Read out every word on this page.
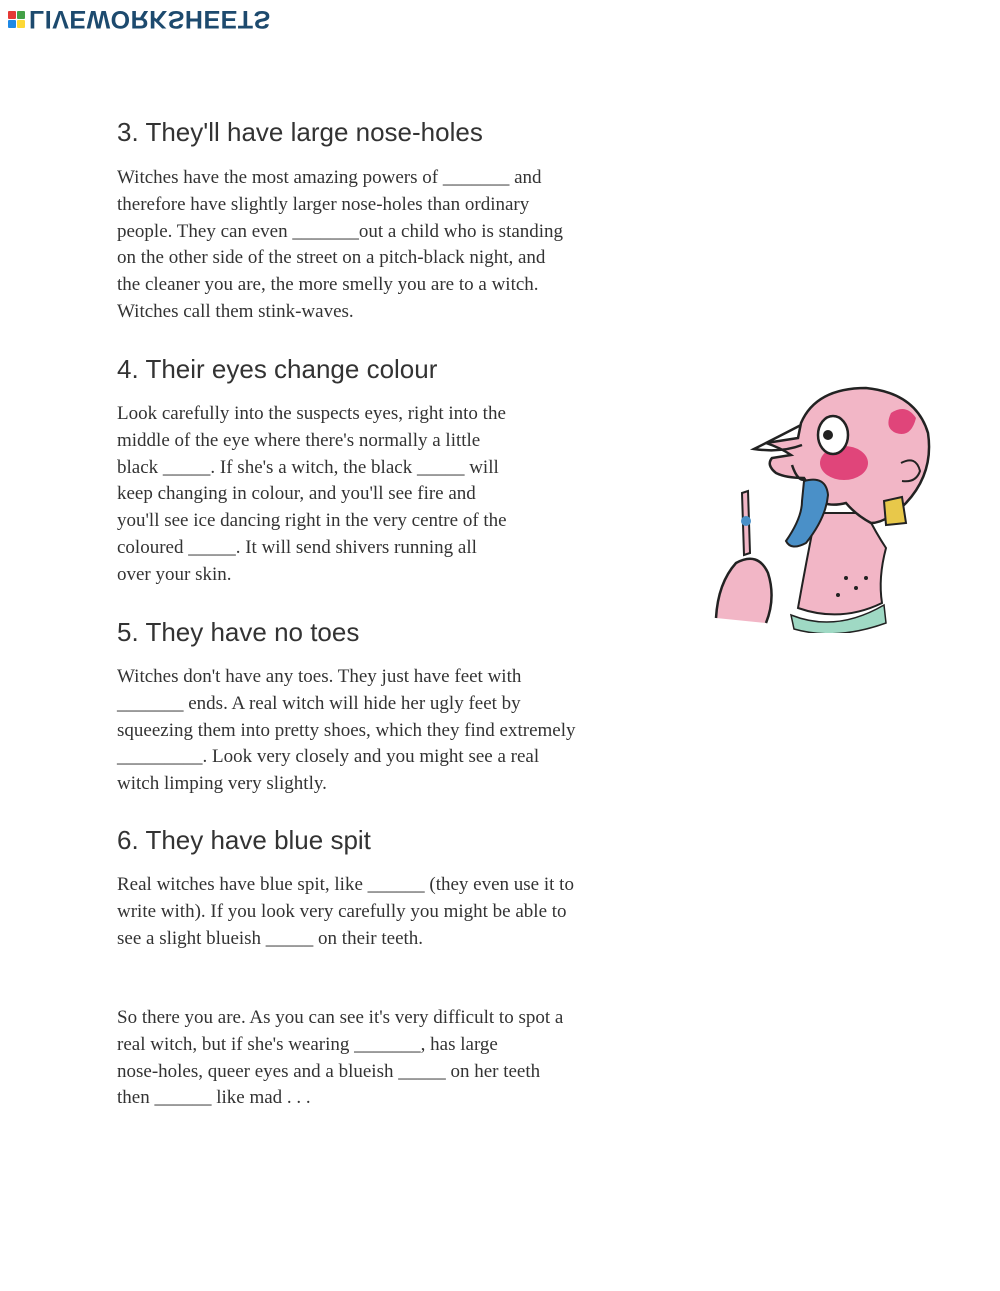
LIVEWORKSHEETS
3. They'll have large nose-holes

Witches have the most amazing powers of _______ and
therefore have slightly larger nose-holes than ordinary
people. They can even _______out a child who is standing
on the other side of the street on a pitch-black night, and
the cleaner you are, the more smelly you are to a witch.
Witches call them stink-waves.

4. Their eyes change colour

Look carefully into the suspects eyes, right into the
middle of the eye where there's normally a little
black _____. If she's a witch, the black _____ will
keep changing in colour, and you'll see fire and
you'll see ice dancing right in the very centre of the
coloured _____. It will send shivers running all
over your skin.

5. They have no toes

Witches don't have any toes. They just have feet with
_______ ends. A real witch will hide her ugly feet by
squeezing them into pretty shoes, which they find extremely
_________. Look very closely and you might see a real
witch limping very slightly.

6. They have blue spit

Real witches have blue spit, like ______ (they even use it to
write with). If you look very carefully you might be able to
see a slight blueish _____ on their teeth.

So there you are. As you can see it's very difficult to spot a
real witch, but if she's wearing _______, has large
nose-holes, queer eyes and a blueish _____ on her teeth
then ______ like mad . . .
